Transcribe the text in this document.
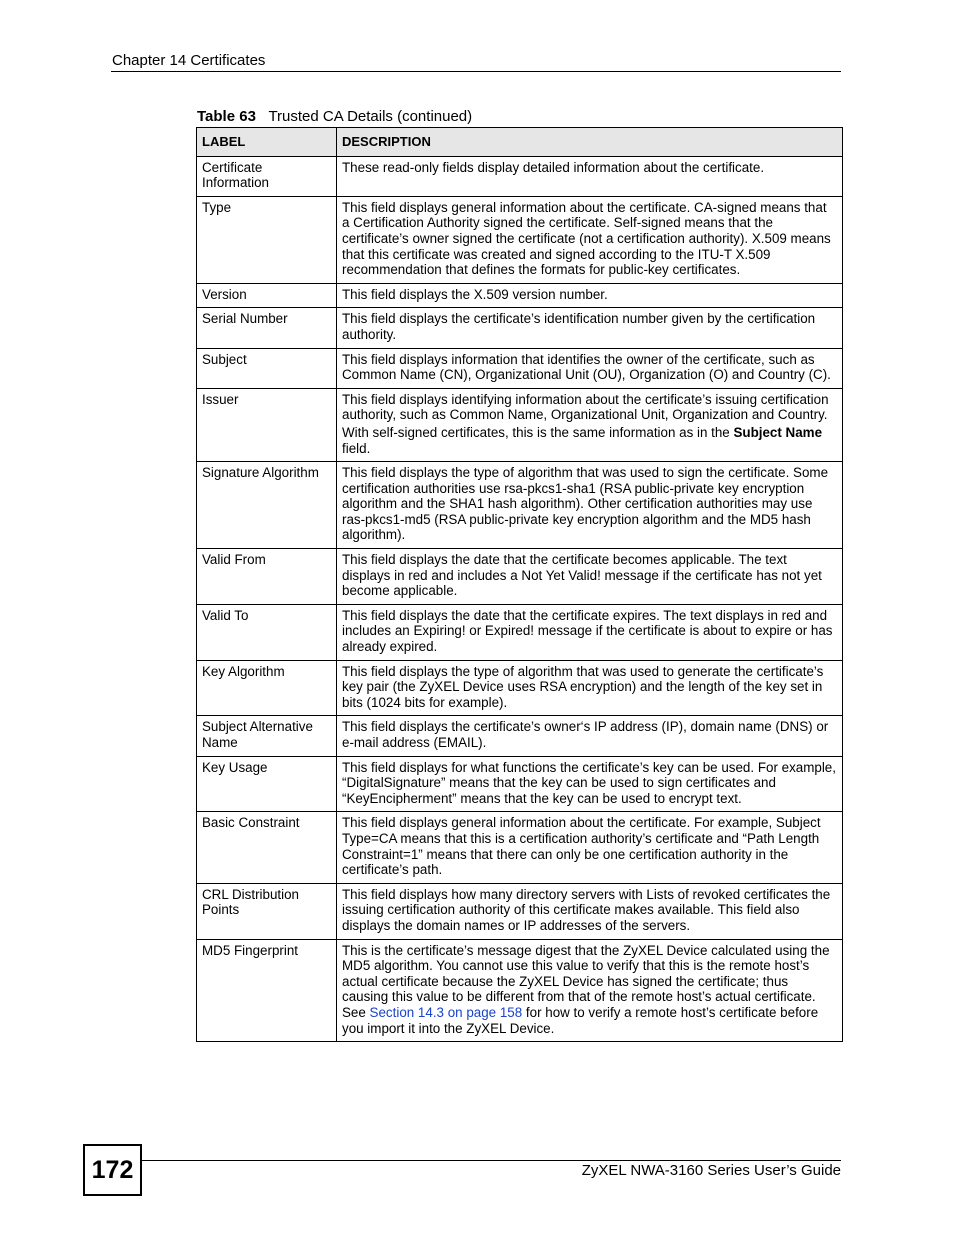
Chapter 14 Certificates
Table 63 Trusted CA Details (continued)
LABEL	DESCRIPTION
Certificate Information	These read-only fields display detailed information about the certificate.

Type	This field displays general information about the certificate. CA-signed means that a Certification Authority signed the certificate. Self-signed means that the certificate’s owner signed the certificate (not a certification authority). X.509 means that this certificate was created and signed according to the ITU-T X.509 recommendation that defines the formats for public-key certificates.

Version	This field displays the X.509 version number.

Serial Number	This field displays the certificate’s identification number given by the certification authority.

Subject	This field displays information that identifies the owner of the certificate, such as Common Name (CN), Organizational Unit (OU), Organization (O) and Country (C).

Issuer	This field displays identifying information about the certificate’s issuing certification authority, such as Common Name, Organizational Unit, Organization and Country.

With self-signed certificates, this is the same information as in the Subject Name field.

Signature Algorithm	This field displays the type of algorithm that was used to sign the certificate. Some certification authorities use rsa-pkcs1-sha1 (RSA public-private key encryption algorithm and the SHA1 hash algorithm). Other certification authorities may use ras-pkcs1-md5 (RSA public-private key encryption algorithm and the MD5 hash algorithm).

Valid From	This field displays the date that the certificate becomes applicable. The text displays in red and includes a Not Yet Valid! message if the certificate has not yet become applicable.

Valid To	This field displays the date that the certificate expires. The text displays in red and includes an Expiring! or Expired! message if the certificate is about to expire or has already expired.

Key Algorithm	This field displays the type of algorithm that was used to generate the certificate’s key pair (the ZyXEL Device uses RSA encryption) and the length of the key set in bits (1024 bits for example).

Subject Alternative Name	This field displays the certificate’s owner‘s IP address (IP), domain name (DNS) or e-mail address (EMAIL).

Key Usage	This field displays for what functions the certificate’s key can be used. For example, “DigitalSignature” means that the key can be used to sign certificates and “KeyEncipherment” means that the key can be used to encrypt text.

Basic Constraint	This field displays general information about the certificate. For example, Subject Type=CA means that this is a certification authority’s certificate and “Path Length Constraint=1” means that there can only be one certification authority in the certificate’s path.

CRL Distribution Points	This field displays how many directory servers with Lists of revoked certificates the issuing certification authority of this certificate makes available. This field also displays the domain names or IP addresses of the servers.

MD5 Fingerprint	This is the certificate’s message digest that the ZyXEL Device calculated using the MD5 algorithm. You cannot use this value to verify that this is the remote host’s actual certificate because the ZyXEL Device has signed the certificate; thus causing this value to be different from that of the remote host’s actual certificate. See Section 14.3 on page 158 for how to verify a remote host’s certificate before you import it into the ZyXEL Device.

172	ZyXEL NWA-3160 Series User’s Guide
